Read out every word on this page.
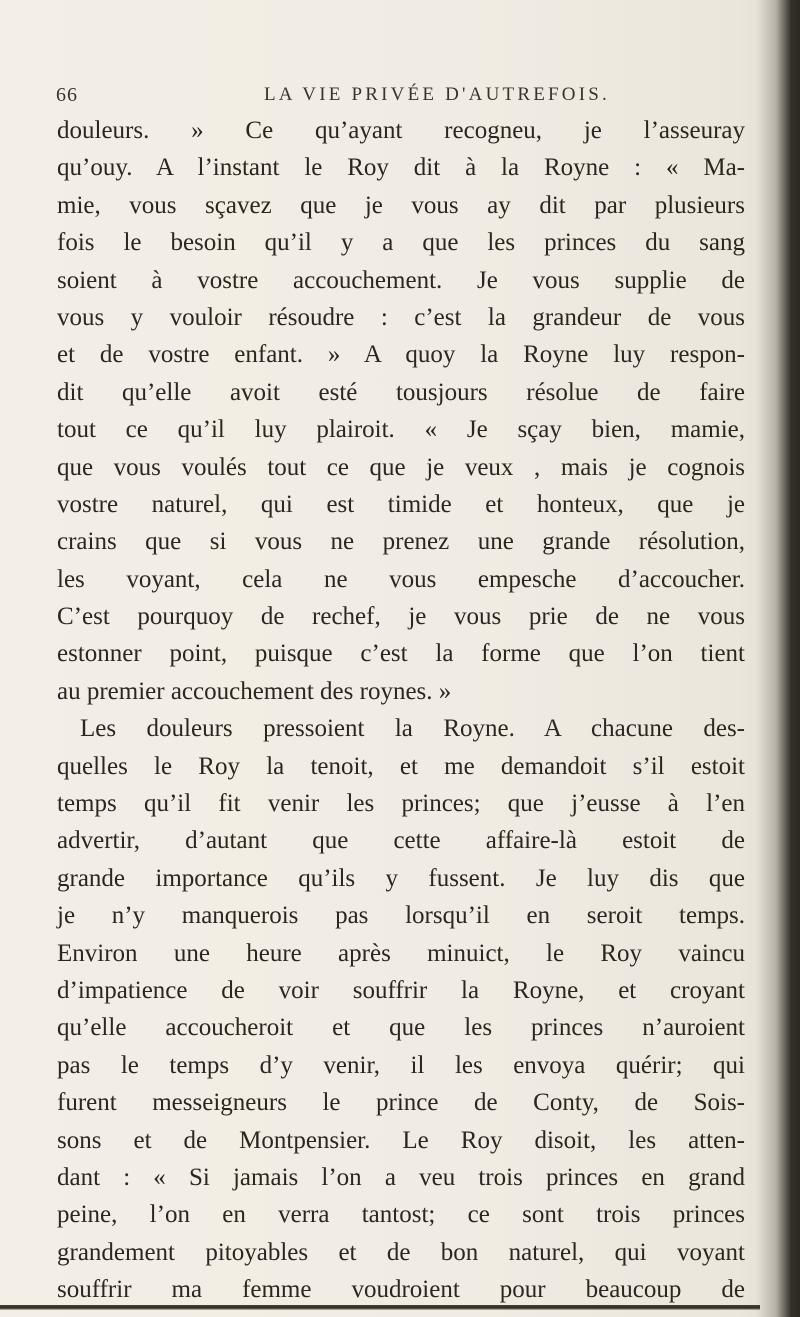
66	LA VIE PRIVÉE D'AUTREFOIS.
douleurs. » Ce qu’ayant recogneu, je l’asseuray
qu’ouy. A l’instant le Roy dit à la Royne : « Ma-
mie, vous sçavez que je vous ay dit par plusieurs
fois le besoin qu’il y a que les princes du sang
soient à vostre accouchement. Je vous supplie de
vous y vouloir résoudre : c’est la grandeur de vous
et de vostre enfant. » A quoy la Royne luy respon-
dit qu’elle avoit esté tousjours résolue de faire
tout ce qu’il luy plairoit. « Je sçay bien, mamie,
que vous voulés tout ce que je veux , mais je cognois
vostre naturel, qui est timide et honteux, que je
crains que si vous ne prenez une grande résolution,
les voyant, cela ne vous empesche d’accoucher.
C’est pourquoy de rechef, je vous prie de ne vous
estonner point, puisque c’est la forme que l’on tient
au premier accouchement des roynes. »
Les douleurs pressoient la Royne. A chacune des-
quelles le Roy la tenoit, et me demandoit s’il estoit
temps qu’il fit venir les princes; que j’eusse à l’en
advertir, d’autant que cette affaire-là estoit de
grande importance qu’ils y fussent. Je luy dis que
je n’y manquerois pas lorsqu’il en seroit temps.
Environ une heure après minuict, le Roy vaincu
d’impatience de voir souffrir la Royne, et croyant
qu’elle accoucheroit et que les princes n’auroient
pas le temps d’y venir, il les envoya quérir; qui
furent messeigneurs le prince de Conty, de Sois-
sons et de Montpensier. Le Roy disoit, les atten-
dant : « Si jamais l’on a veu trois princes en grand
peine, l’on en verra tantost; ce sont trois princes
grandement pitoyables et de bon naturel, qui voyant
souffrir ma femme voudroient pour beaucoup de
